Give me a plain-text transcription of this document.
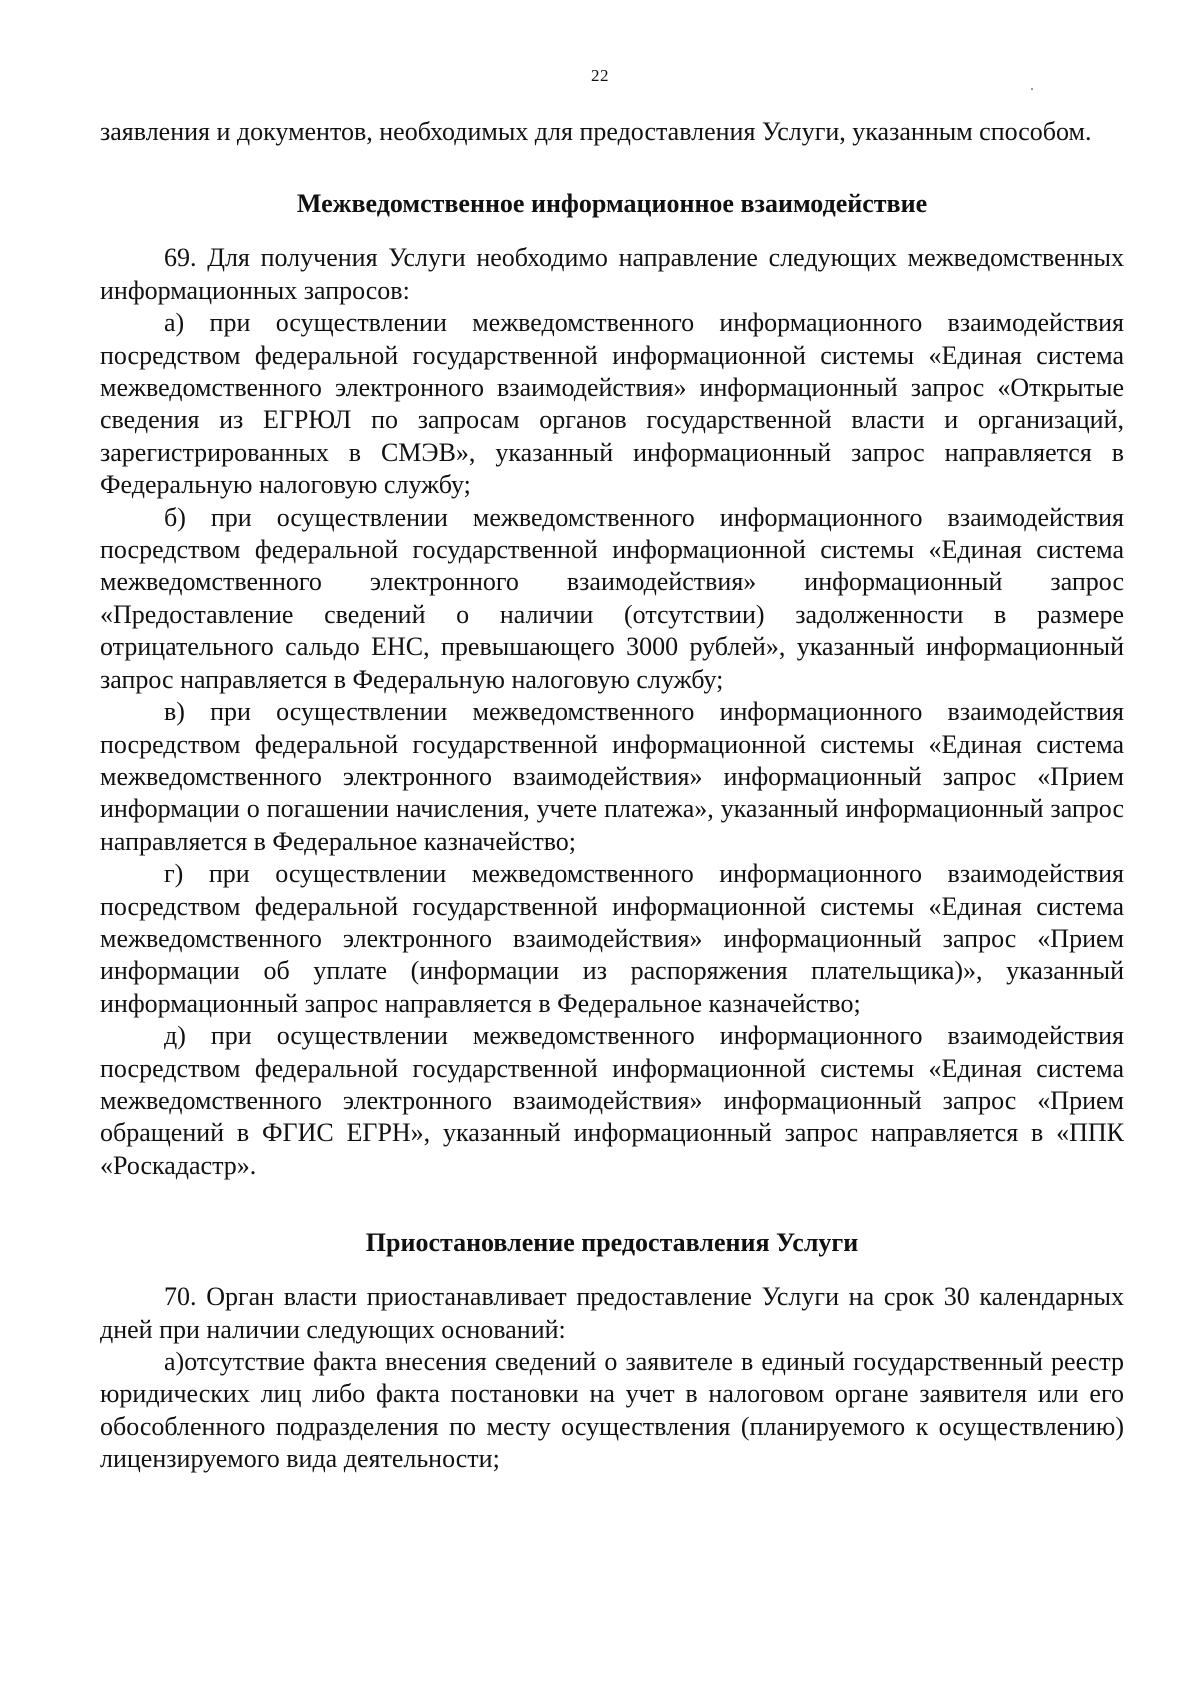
22

заявления и документов, необходимых для предоставления Услуги, указанным способом.

Межведомственное информационное взаимодействие

69. Для получения Услуги необходимо направление следующих межведомственных информационных запросов:

а) при осуществлении межведомственного информационного взаимодействия посредством федеральной государственной информационной системы «Единая система межведомственного электронного взаимодействия» информационный запрос «Открытые сведения из ЕГРЮЛ по запросам органов государственной власти и организаций, зарегистрированных в СМЭВ», указанный информационный запрос направляется в Федеральную налоговую службу;

б) при осуществлении межведомственного информационного взаимодействия посредством федеральной государственной информационной системы «Единая система межведомственного электронного взаимодействия» информационный запрос «Предоставление сведений о наличии (отсутствии) задолженности в размере отрицательного сальдо ЕНС, превышающего 3000 рублей», указанный информационный запрос направляется в Федеральную налоговую службу;

в) при осуществлении межведомственного информационного взаимодействия посредством федеральной государственной информационной системы «Единая система межведомственного электронного взаимодействия» информационный запрос «Прием информации о погашении начисления, учете платежа», указанный информационный запрос направляется в Федеральное казначейство;

г) при осуществлении межведомственного информационного взаимодействия посредством федеральной государственной информационной системы «Единая система межведомственного электронного взаимодействия» информационный запрос «Прием информации об уплате (информации из распоряжения плательщика)», указанный информационный запрос направляется в Федеральное казначейство;

д) при осуществлении межведомственного информационного взаимодействия посредством федеральной государственной информационной системы «Единая система межведомственного электронного взаимодействия» информационный запрос «Прием обращений в ФГИС ЕГРН», указанный информационный запрос направляется в «ППК «Роскадастр».

Приостановление предоставления Услуги

70. Орган власти приостанавливает предоставление Услуги на срок 30 календарных дней при наличии следующих оснований:

а)отсутствие факта внесения сведений о заявителе в единый государственный реестр юридических лиц либо факта постановки на учет в налоговом органе заявителя или его обособленного подразделения по месту осуществления (планируемого к осуществлению) лицензируемого вида деятельности;
